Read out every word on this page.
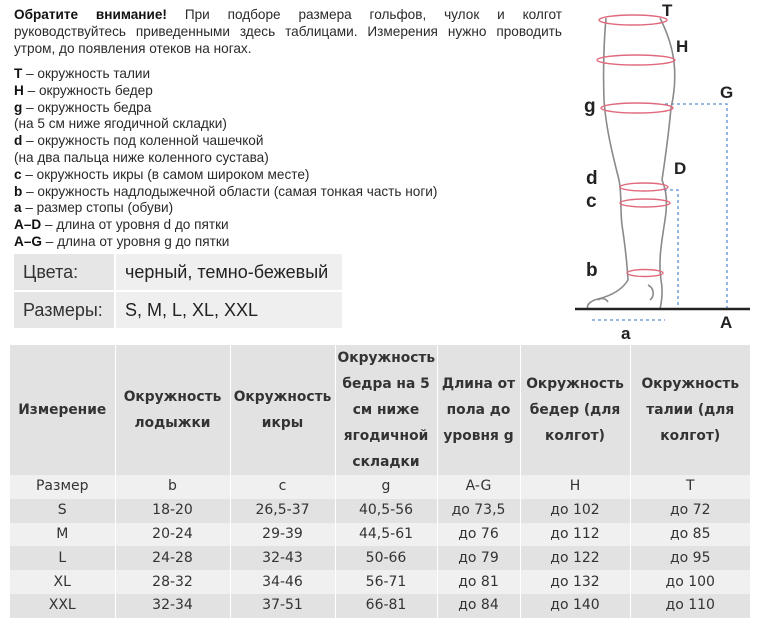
Обратите внимание! При подборе размера гольфов, чулок и колгот руководствуйтесь приведенными здесь таблицами. Измерения нужно проводить утром, до появления отеков на ногах.
T – окружность талии
H – окружность бедер
g – окружность бедра
(на 5 см ниже ягодичной складки)
d – окружность под коленной чашечкой
(на два пальца ниже коленного сустава)
c – окружность икры (в самом широком месте)
b – окружность надлодыжечной области (самая тонкая часть ноги)
a – размер стопы (обуви)
A–D – длина от уровня d до пятки
A–G – длина от уровня g до пятки
Цвета:	черный, темно-бежевый
Размеры:	S, M, L, XL, XXL
T
H
G
g
D
d
c
b
A
a
Измерение	Окружность лодыжки	Окружность икры	Окружность бедра на 5 см ниже ягодичной складки	Длина от пола до уровня g	Окружность бедер (для колгот)	Окружность талии (для колгот)
Размер	b	c	g	A-G	H	T
S	18-20	26,5-37	40,5-56	до 73,5	до 102	до 72
M	20-24	29-39	44,5-61	до 76	до 112	до 85
L	24-28	32-43	50-66	до 79	до 122	до 95
XL	28-32	34-46	56-71	до 81	до 132	до 100
XXL	32-34	37-51	66-81	до 84	до 140	до 110
